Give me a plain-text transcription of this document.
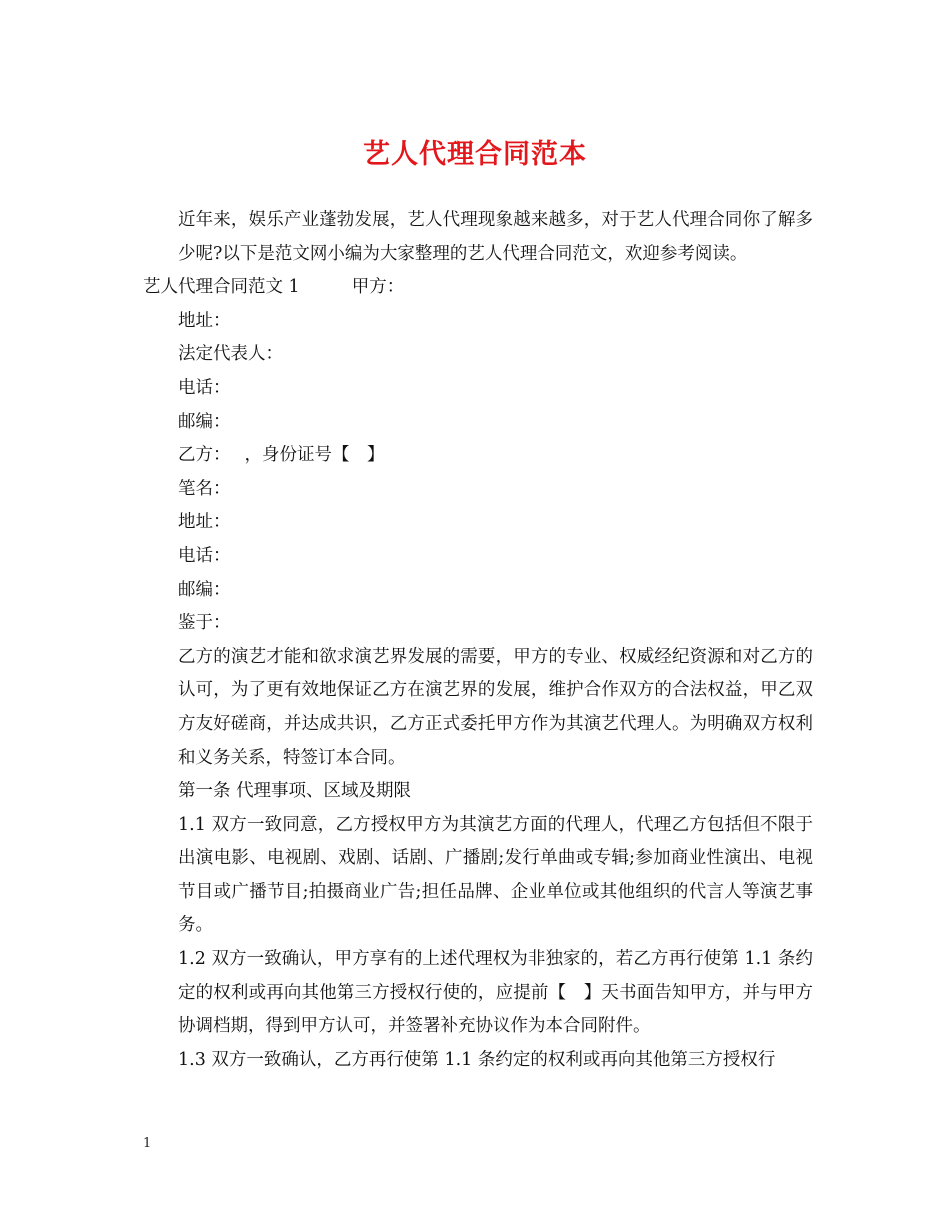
艺人代理合同范本
近年来，娱乐产业蓬勃发展，艺人代理现象越来越多，对于艺人代理合同你了解多少呢?以下是范文网小编为大家整理的艺人代理合同范文，欢迎参考阅读。
艺人代理合同范文 1	甲方：
地址：
法定代表人：
电话：
邮编：
乙方： ，身份证号【　】
笔名：
地址：
电话：
邮编：
鉴于：
乙方的演艺才能和欲求演艺界发展的需要，甲方的专业、权威经纪资源和对乙方的认可，为了更有效地保证乙方在演艺界的发展，维护合作双方的合法权益，甲乙双方友好磋商，并达成共识，乙方正式委托甲方作为其演艺代理人。为明确双方权利和义务关系，特签订本合同。
第一条 代理事项、区域及期限
1.1 双方一致同意，乙方授权甲方为其演艺方面的代理人，代理乙方包括但不限于出演电影、电视剧、戏剧、话剧、广播剧;发行单曲或专辑;参加商业性演出、电视节目或广播节目;拍摄商业广告;担任品牌、企业单位或其他组织的代言人等演艺事务。
1.2 双方一致确认，甲方享有的上述代理权为非独家的，若乙方再行使第 1.1 条约定的权利或再向其他第三方授权行使的，应提前【　】天书面告知甲方，并与甲方协调档期，得到甲方认可，并签署补充协议作为本合同附件。
1.3 双方一致确认，乙方再行使第 1.1 条约定的权利或再向其他第三方授权行
1
